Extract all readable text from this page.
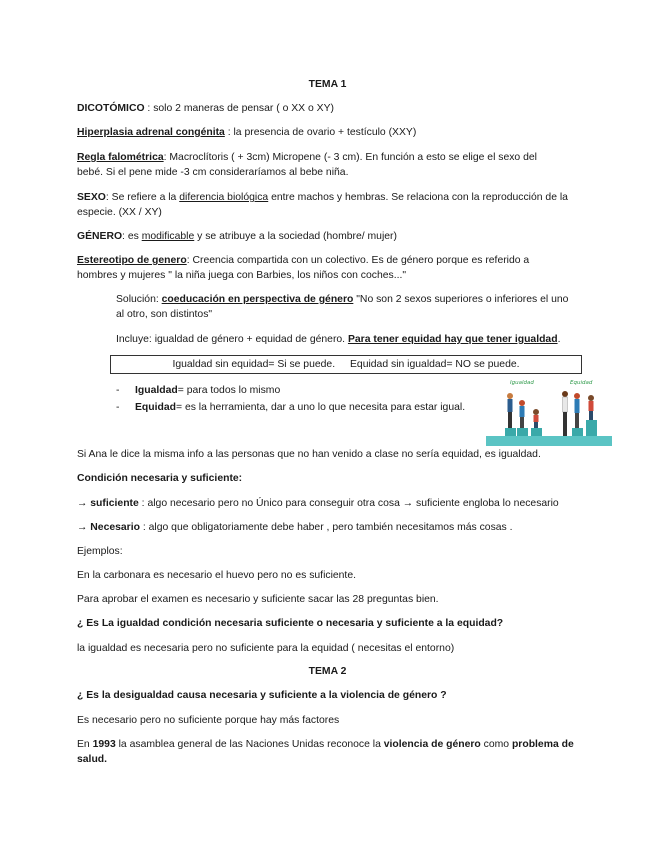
TEMA 1
DICOTÓMICO : solo 2 maneras de pensar ( o XX o XY)
Hiperplasia adrenal congénita : la presencia de ovario + testículo (XXY)
Regla falométrica: Macroclítoris ( + 3cm) Micropene (- 3 cm). En función a esto se elige el sexo del
bebé. Si el pene mide -3 cm consideraríamos al bebe niña.
SEXO: Se refiere a la diferencia biológica entre machos y hembras. Se relaciona con la reproducción de la
especie. (XX / XY)
GÉNERO: es modificable y se atribuye a la sociedad (hombre/ mujer)
Estereotipo de genero: Creencia compartida con un colectivo. Es de género porque es referido a
hombres y mujeres " la niña juega con Barbies, los niños con coches..."
Solución: coeducación en perspectiva de género "No son 2 sexos superiores o inferiores el uno
al otro, son distintos"
Incluye: igualdad de género + equidad de género. Para tener equidad hay que tener igualdad.
Igualdad sin equidad= Si se puede. Equidad sin igualdad= NO se puede.
- Igualdad= para todos lo mismo
- Equidad= es la herramienta, dar a uno lo que necesita para estar igual.
Igualdad	Equidad
Si Ana le dice la misma info a las personas que no han venido a clase no sería equidad, es igualdad.
Condición necesaria y suficiente:
→ suficiente : algo necesario pero no Único para conseguir otra cosa → suficiente engloba lo necesario
→ Necesario : algo que obligatoriamente debe haber , pero también necesitamos más cosas .
Ejemplos:
En la carbonara es necesario el huevo pero no es suficiente.
Para aprobar el examen es necesario y suficiente sacar las 28 preguntas bien.
¿ Es La igualdad condición necesaria suficiente o necesaria y suficiente a la equidad?
la igualdad es necesaria pero no suficiente para la equidad ( necesitas el entorno)
TEMA 2
¿ Es la desigualdad causa necesaria y suficiente a la violencia de género ?
Es necesario pero no suficiente porque hay más factores
En 1993 la asamblea general de las Naciones Unidas reconoce la violencia de género como problema de
salud.
